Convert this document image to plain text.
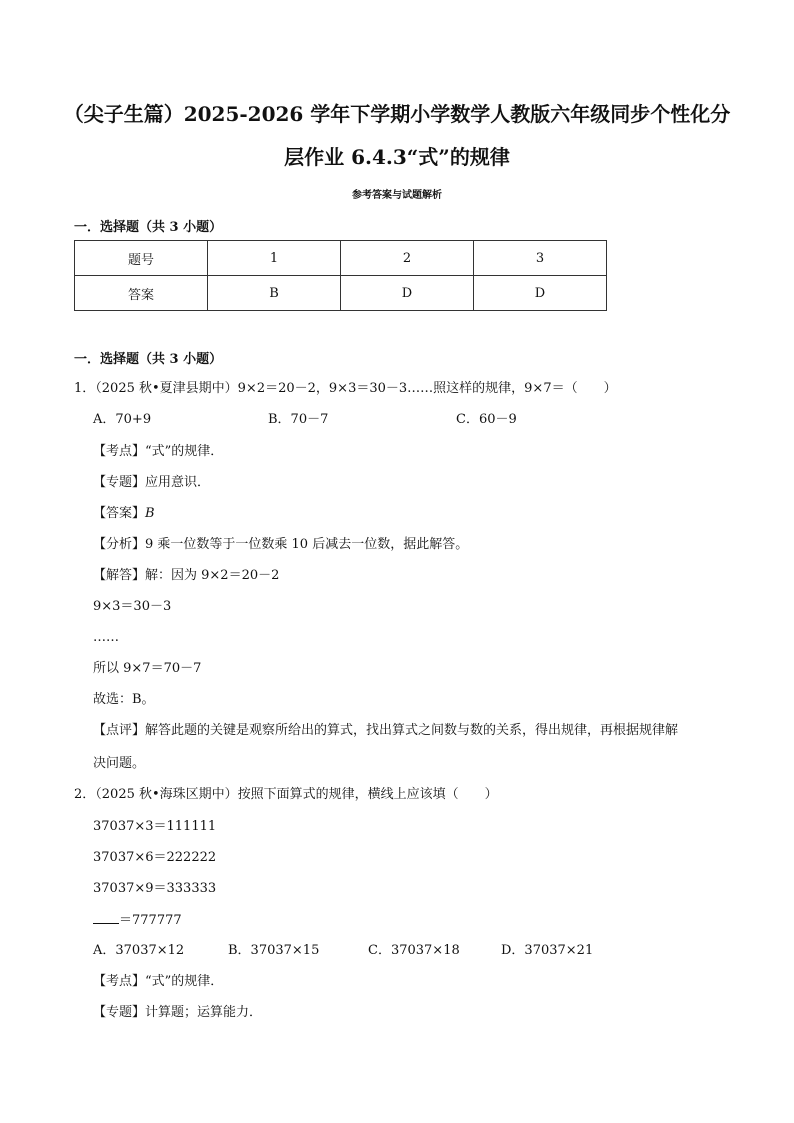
（尖子生篇）2025-2026 学年下学期小学数学人教版六年级同步个性化分

层作业 6.4.3“式”的规律

参考答案与试题解析

一．选择题（共 3 小题）

题号	1	2	3
答案	B	D	D

一．选择题（共 3 小题）

1．（2025 秋•夏津县期中）9×2＝20－2，9×3＝30－3……照这样的规律，9×7＝（　　）

A．70+9	B．70－7	C．60－9

【考点】“式”的规律．

【专题】应用意识．

【答案】B

【分析】9 乘一位数等于一位数乘 10 后减去一位数，据此解答。

【解答】解：因为 9×2＝20－2

9×3＝30－3

……

所以 9×7＝70－7

故选：B。

【点评】解答此题的关键是观察所给出的算式，找出算式之间数与数的关系，得出规律，再根据规律解

决问题。

2．（2025 秋•海珠区期中）按照下面算式的规律，横线上应该填（　　）

37037×3＝111111

37037×6＝222222

37037×9＝333333

＝777777

A．37037×12	B．37037×15	C．37037×18	D．37037×21

【考点】“式”的规律．

【专题】计算题；运算能力．
